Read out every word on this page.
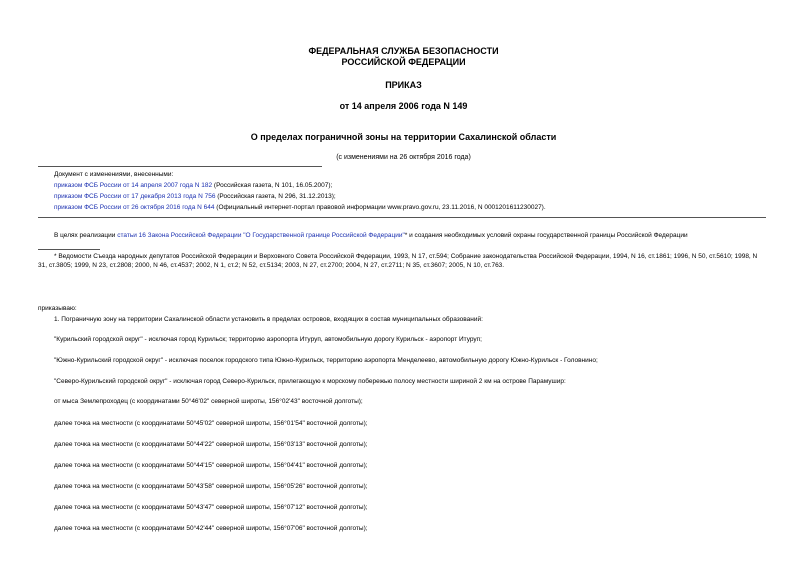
ФЕДЕРАЛЬНАЯ СЛУЖБА БЕЗОПАСНОСТИ
РОССИЙСКОЙ ФЕДЕРАЦИИ
ПРИКАЗ
от 14 апреля 2006 года N 149
О пределах пограничной зоны на территории Сахалинской области
(с изменениями на 26 октября 2016 года)
Документ с изменениями, внесенными:
приказом ФСБ России от 14 апреля 2007 года N 182 (Российская газета, N 101, 16.05.2007);
приказом ФСБ России от 17 декабря 2013 года N 756 (Российская газета, N 296, 31.12.2013);
приказом ФСБ России от 26 октября 2016 года N 644 (Официальный интернет-портал правовой информации www.pravo.gov.ru, 23.11.2016, N 0001201611230027).
В целях реализации статьи 16 Закона Российской Федерации "О Государственной границе Российской Федерации"* и создания необходимых условий охраны государственной границы Российской Федерации
* Ведомости Съезда народных депутатов Российской Федерации и Верховного Совета Российской Федерации, 1993, N 17, ст.594; Собрание законодательства Российской Федерации, 1994, N 16, ст.1861; 1996, N 50, ст.5610; 1998, N 31, ст.3805; 1999, N 23, ст.2808; 2000, N 46, ст.4537; 2002, N 1, ст.2; N 52, ст.5134; 2003, N 27, ст.2700; 2004, N 27, ст.2711; N 35, ст.3607; 2005, N 10, ст.763.
приказываю:
1. Пограничную зону на территории Сахалинской области установить в пределах островов, входящих в состав муниципальных образований:
"Курильский городской округ" - исключая город Курильск; территорию аэропорта Итуруп, автомобильную дорогу Курильск - аэропорт Итуруп;
"Южно-Курильский городской округ" - исключая поселок городского типа Южно-Курильск, территорию аэропорта Менделеево, автомобильную дорогу Южно-Курильск - Головнино;
"Северо-Курильский городской округ" - исключая город Северо-Курильск, прилегающую к морскому побережью полосу местности шириной 2 км на острове Парамушир:
от мыса Землепроходец (с координатами 50°46'02" северной широты, 156°02'43" восточной долготы);
далее точка на местности (с координатами 50°45'02" северной широты, 156°01'54" восточной долготы);
далее точка на местности (с координатами 50°44'22" северной широты, 156°03'13" восточной долготы);
далее точка на местности (с координатами 50°44'15" северной широты, 156°04'41" восточной долготы);
далее точка на местности (с координатами 50°43'58" северной широты, 156°05'26" восточной долготы);
далее точка на местности (с координатами 50°43'47" северной широты, 156°07'12" восточной долготы);
далее точка на местности (с координатами 50°42'44" северной широты, 156°07'06" восточной долготы);
